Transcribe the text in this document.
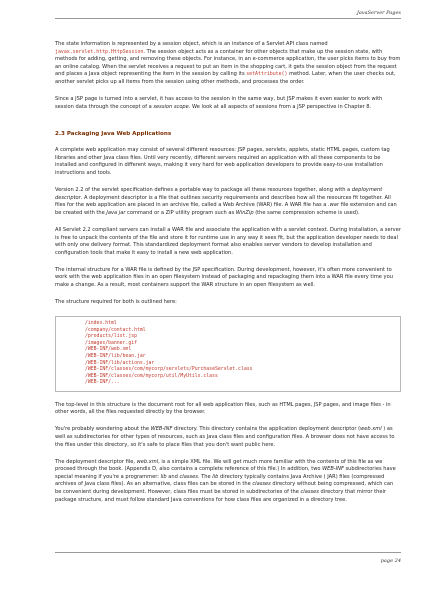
JavaServer Pages

The state information is represented by a session object, which is an instance of a Servlet API class named javax.servlet.http.HttpSession. The session object acts as a container for other objects that make up the session state, with methods for adding, getting, and removing these objects. For instance, in an e-commerce application, the user picks items to buy from an online catalog. When the servlet receives a request to put an item in the shopping cart, it gets the session object from the request and places a Java object representing the item in the session by calling its setAttribute() method. Later, when the user checks out, another servlet picks up all items from the session using other methods, and processes the order.

Since a JSP page is turned into a servlet, it has access to the session in the same way, but JSP makes it even easier to work with session data through the concept of a session scope. We look at all aspects of sessions from a JSP perspective in Chapter 8.

2.3 Packaging Java Web Applications

A complete web application may consist of several different resources: JSP pages, servlets, applets, static HTML pages, custom tag libraries and other Java class files. Until very recently, different servers required an application with all these components to be installed and configured in different ways, making it very hard for web application developers to provide easy-to-use installation instructions and tools.

Version 2.2 of the servlet specification defines a portable way to package all these resources together, along with a deployment descriptor. A deployment descriptor is a file that outlines security requirements and describes how all the resources fit together. All files for the web application are placed in an archive file, called a Web Archive (WAR) file. A WAR file has a .war file extension and can be created with the Java jar command or a ZIP utility program such as WinZip (the same compression scheme is used).

All Servlet 2.2 compliant servers can install a WAR file and associate the application with a servlet context. During installation, a server is free to unpack the contents of the file and store it for runtime use in any way it sees fit, but the application developer needs to deal with only one delivery format. This standardized deployment format also enables server vendors to develop installation and configuration tools that make it easy to install a new web application.

The internal structure for a WAR file is defined by the JSP specification. During development, however, it's often more convenient to work with the web application files in an open filesystem instead of packaging and repackaging them into a WAR file every time you make a change. As a result, most containers support the WAR structure in an open filesystem as well.

The structure required for both is outlined here:

/index.html
/company/contact.html
/products/list.jsp
/images/banner.gif
/WEB-INF/web.xml
/WEB-INF/lib/bean.jar
/WEB-INF/lib/actions.jar
/WEB-INF/classes/com/mycorp/servlets/PurchaseServlet.class
/WEB-INF/classes/com/mycorp/util/MyUtils.class
/WEB-INF/...

The top-level in this structure is the document root for all web application files, such as HTML pages, JSP pages, and image files - in other words, all the files requested directly by the browser.

You're probably wondering about the WEB-INF directory. This directory contains the application deployment descriptor (web.xml ) as well as subdirectories for other types of resources, such as Java class files and configuration files. A browser does not have access to the files under this directory, so it's safe to place files that you don't want public here.

The deployment descriptor file, web.xml, is a simple XML file. We will get much more familiar with the contents of this file as we proceed through the book. (Appendix D, also contains a complete reference of this file.) In addition, two WEB-INF subdirectories have special meaning if you're a programmer: lib and classes. The lib directory typically contains Java Archive ( JAR) files (compressed archives of Java class files). As an alternative, class files can be stored in the classes directory without being compressed, which can be convenient during development. However, class files must be stored in subdirectories of the classes directory that mirror their package structure, and must follow standard Java conventions for how class files are organized in a directory tree.

page 24
